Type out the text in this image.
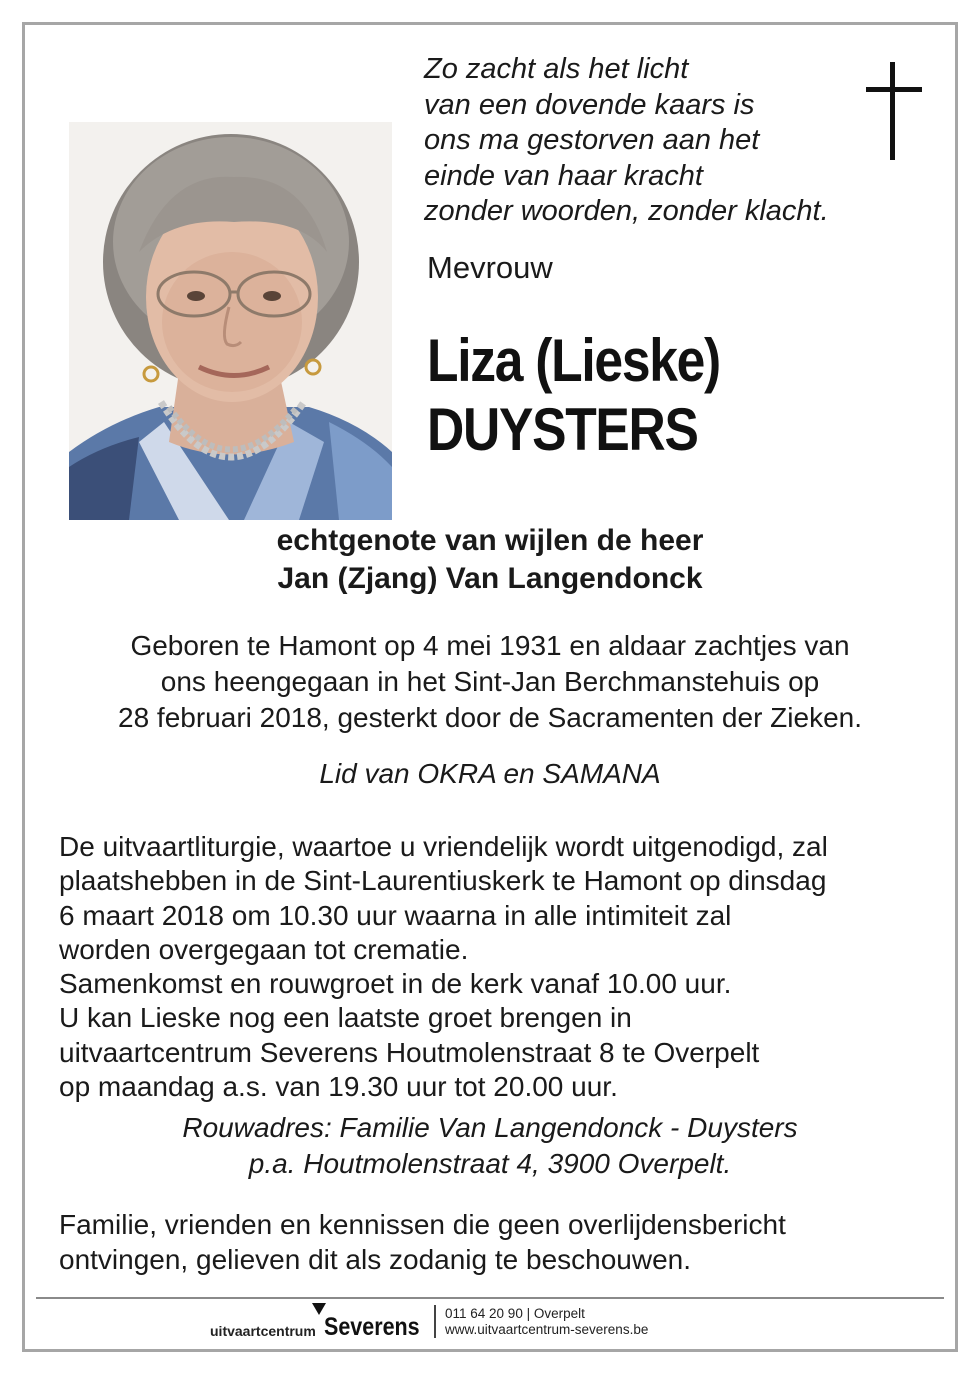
Zo zacht als het licht
van een dovende kaars is
ons ma gestorven aan het
einde van haar kracht
zonder woorden, zonder klacht.
Mevrouw
Liza (Lieske)
DUYSTERS
echtgenote van wijlen de heer
Jan (Zjang) Van Langendonck
Geboren te Hamont op 4 mei 1931 en aldaar zachtjes van
ons heengegaan in het Sint-Jan Berchmanstehuis op
28 februari 2018, gesterkt door de Sacramenten der Zieken.
Lid van OKRA en SAMANA
De uitvaartliturgie, waartoe u vriendelijk wordt uitgenodigd, zal
plaatshebben in de Sint-Laurentiuskerk te Hamont op dinsdag
6 maart 2018 om 10.30 uur waarna in alle intimiteit zal
worden overgegaan tot crematie.
Samenkomst en rouwgroet in de kerk vanaf 10.00 uur.
U kan Lieske nog een laatste groet brengen in
uitvaartcentrum Severens Houtmolenstraat 8 te Overpelt
op maandag a.s. van 19.30 uur tot 20.00 uur.
Rouwadres: Familie Van Langendonck - Duysters
p.a. Houtmolenstraat 4, 3900 Overpelt.
Familie, vrienden en kennissen die geen overlijdensbericht
ontvingen, gelieven dit als zodanig te beschouwen.
uitvaartcentrum Severens 011 64 20 90 | Overpelt
www.uitvaartcentrum-severens.be
